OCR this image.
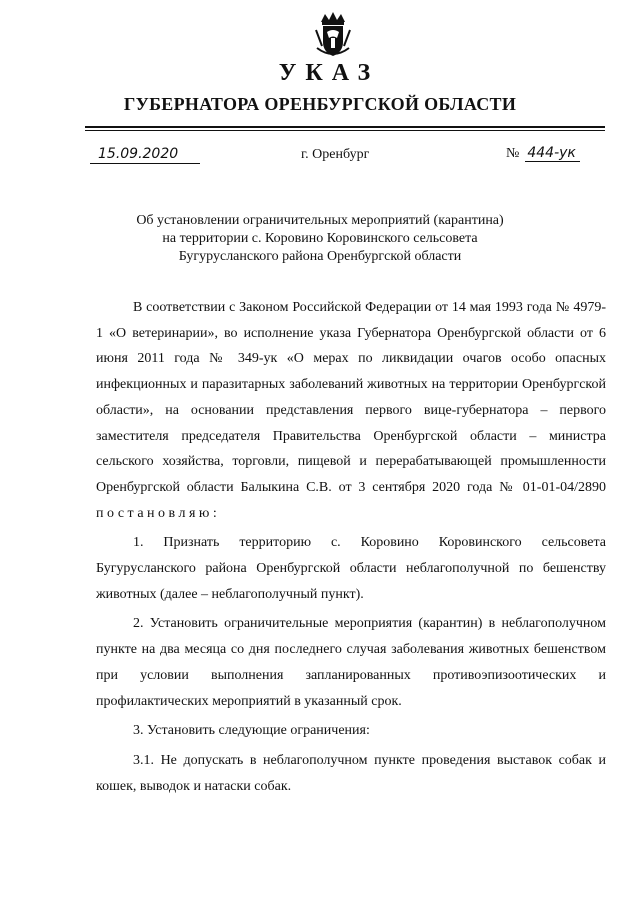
УКАЗ
ГУБЕРНАТОРА ОРЕНБУРГСКОЙ ОБЛАСТИ
15.09.2020	г. Оренбург	№ 444-ук
Об установлении ограничительных мероприятий (карантина)
на территории с. Коровино Коровинского сельсовета
Бугурусланского района Оренбургской области

В соответствии с Законом Российской Федерации от 14 мая 1993 года № 4979-1 «О ветеринарии», во исполнение указа Губернатора Оренбургской области от 6 июня 2011 года № 349-ук «О мерах по ликвидации очагов особо опасных инфекционных и паразитарных заболеваний животных на территории Оренбургской области», на основании представления первого вице-губернатора – первого заместителя председателя Правительства Оренбургской области – министра сельского хозяйства, торговли, пищевой и перерабатывающей промышленности Оренбургской области Балыкина С.В. от 3 сентября 2020 года № 01-01-04/2890 постановляю:

1. Признать территорию с. Коровино Коровинского сельсовета Бугурусланского района Оренбургской области неблагополучной по бешенству животных (далее – неблагополучный пункт).

2. Установить ограничительные мероприятия (карантин) в неблагополучном пункте на два месяца со дня последнего случая заболевания животных бешенством при условии выполнения запланированных противоэпизоотических и профилактических мероприятий в указанный срок.

3. Установить следующие ограничения:

3.1. Не допускать в неблагополучном пункте проведения выставок собак и кошек, выводок и натаски собак.
